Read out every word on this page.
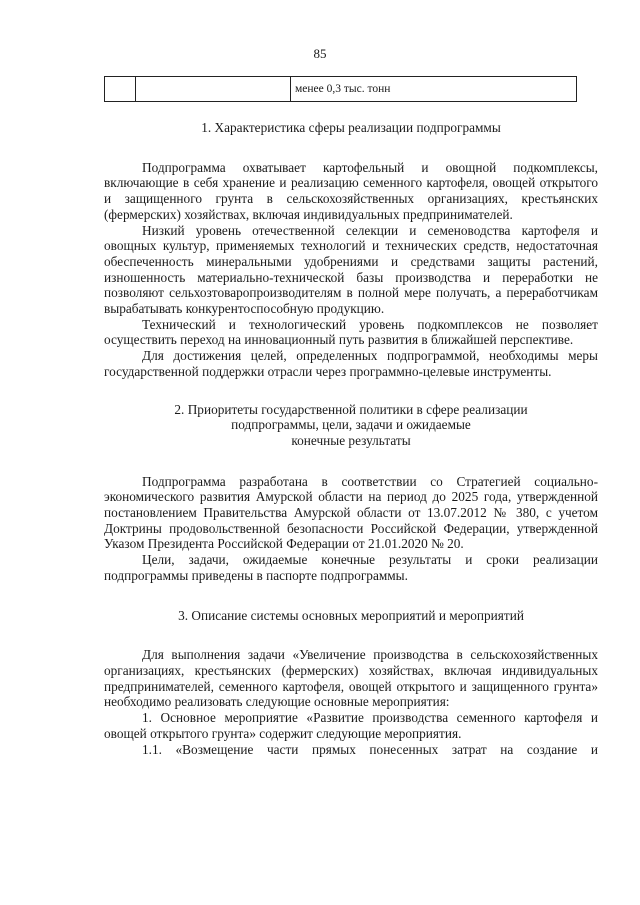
85
		менее 0,3 тыс. тонн
1. Характеристика сферы реализации подпрограммы

Подпрограмма охватывает картофельный и овощной подкомплексы, включающие в себя хранение и реализацию семенного картофеля, овощей открытого и защищенного грунта в сельскохозяйственных организациях, крестьянских (фермерских) хозяйствах, включая индивидуальных предпринимателей.

Низкий уровень отечественной селекции и семеноводства картофеля и овощных культур, применяемых технологий и технических средств, недостаточная обеспеченность минеральными удобрениями и средствами защиты растений, изношенность материально-технической базы производства и переработки не позволяют сельхозтоваропроизводителям в полной мере получать, а переработчикам вырабатывать конкурентоспособную продукцию.

Технический и технологический уровень подкомплексов не позволяет осуществить переход на инновационный путь развития в ближайшей перспективе.

Для достижения целей, определенных подпрограммой, необходимы меры государственной поддержки отрасли через программно-целевые инструменты.

2. Приоритеты государственной политики в сфере реализации
подпрограммы, цели, задачи и ожидаемые
конечные результаты

Подпрограмма разработана в соответствии со Стратегией социально-экономического развития Амурской области на период до 2025 года, утвержденной постановлением Правительства Амурской области от 13.07.2012 № 380, с учетом Доктрины продовольственной безопасности Российской Федерации, утвержденной Указом Президента Российской Федерации от 21.01.2020 № 20.

Цели, задачи, ожидаемые конечные результаты и сроки реализации подпрограммы приведены в паспорте подпрограммы.

3. Описание системы основных мероприятий и мероприятий

Для выполнения задачи «Увеличение производства в сельскохозяйственных организациях, крестьянских (фермерских) хозяйствах, включая индивидуальных предпринимателей, семенного картофеля, овощей открытого и защищенного грунта» необходимо реализовать следующие основные мероприятия:

1. Основное мероприятие «Развитие производства семенного картофеля и овощей открытого грунта» содержит следующие мероприятия.

1.1. «Возмещение части прямых понесенных затрат на создание и
